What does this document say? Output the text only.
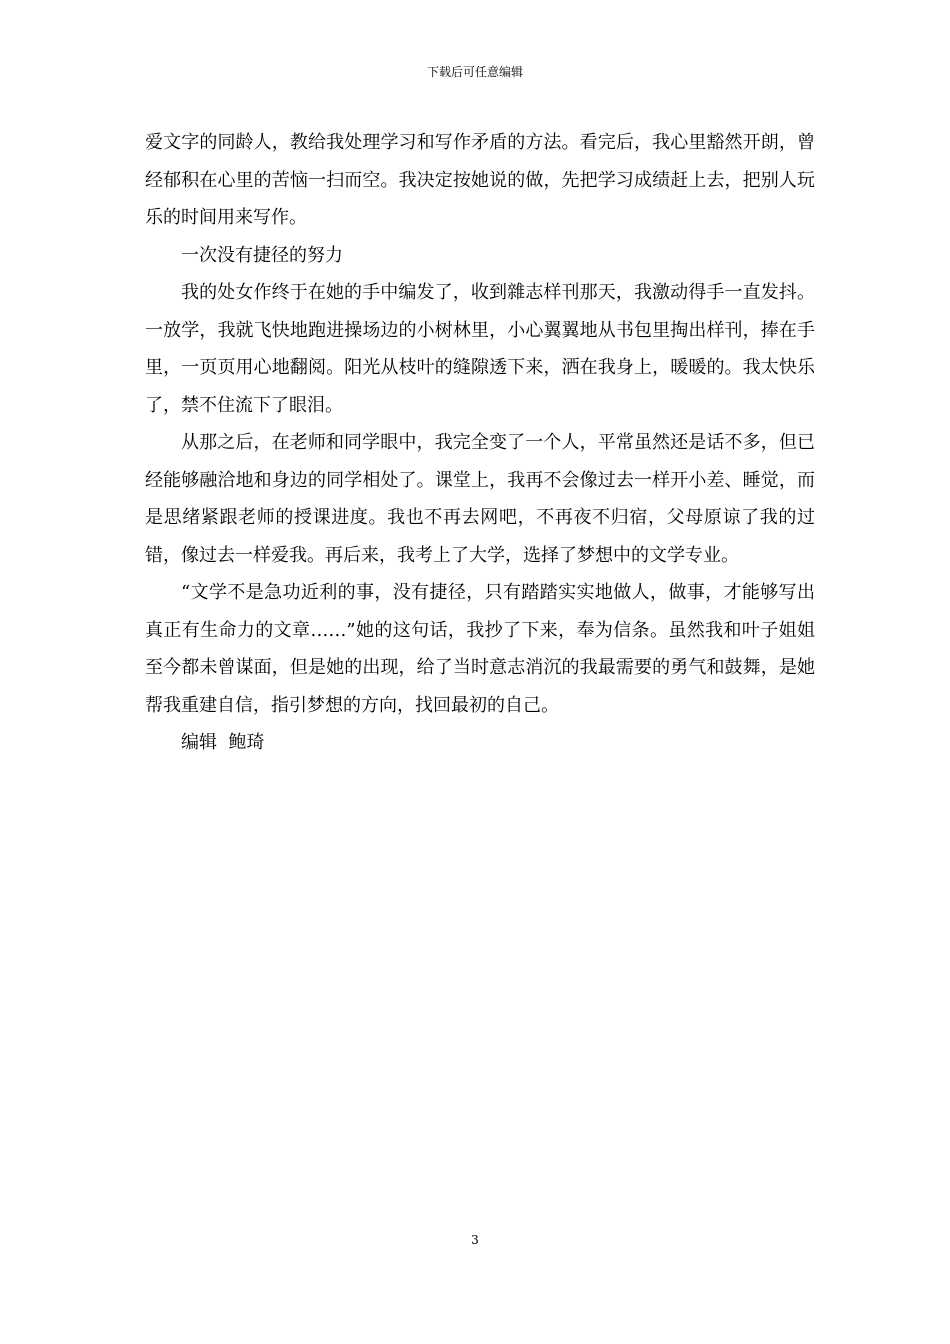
下载后可任意编辑

爱文字的同龄人，教给我处理学习和写作矛盾的方法。看完后，我心里豁然开朗，曾经郁积在心里的苦恼一扫而空。我决定按她说的做，先把学习成绩赶上去，把别人玩乐的时间用来写作。

一次没有捷径的努力

我的处女作终于在她的手中编发了，收到雜志样刊那天，我激动得手一直发抖。一放学，我就飞快地跑进操场边的小树林里，小心翼翼地从书包里掏出样刊，捧在手里，一页页用心地翻阅。阳光从枝叶的缝隙透下来，洒在我身上，暖暖的。我太快乐了，禁不住流下了眼泪。

从那之后，在老师和同学眼中，我完全变了一个人，平常虽然还是话不多，但已经能够融洽地和身边的同学相处了。课堂上，我再不会像过去一样开小差、睡觉，而是思绪紧跟老师的授课进度。我也不再去网吧，不再夜不归宿，父母原谅了我的过错，像过去一样爱我。再后来，我考上了大学，选择了梦想中的文学专业。

“文学不是急功近利的事，没有捷径，只有踏踏实实地做人，做事，才能够写出真正有生命力的文章……”她的这句话，我抄了下来，奉为信条。虽然我和叶子姐姐至今都未曾谋面，但是她的出现，给了当时意志消沉的我最需要的勇气和鼓舞，是她帮我重建自信，指引梦想的方向，找回最初的自己。

编辑  鲍琦

3
